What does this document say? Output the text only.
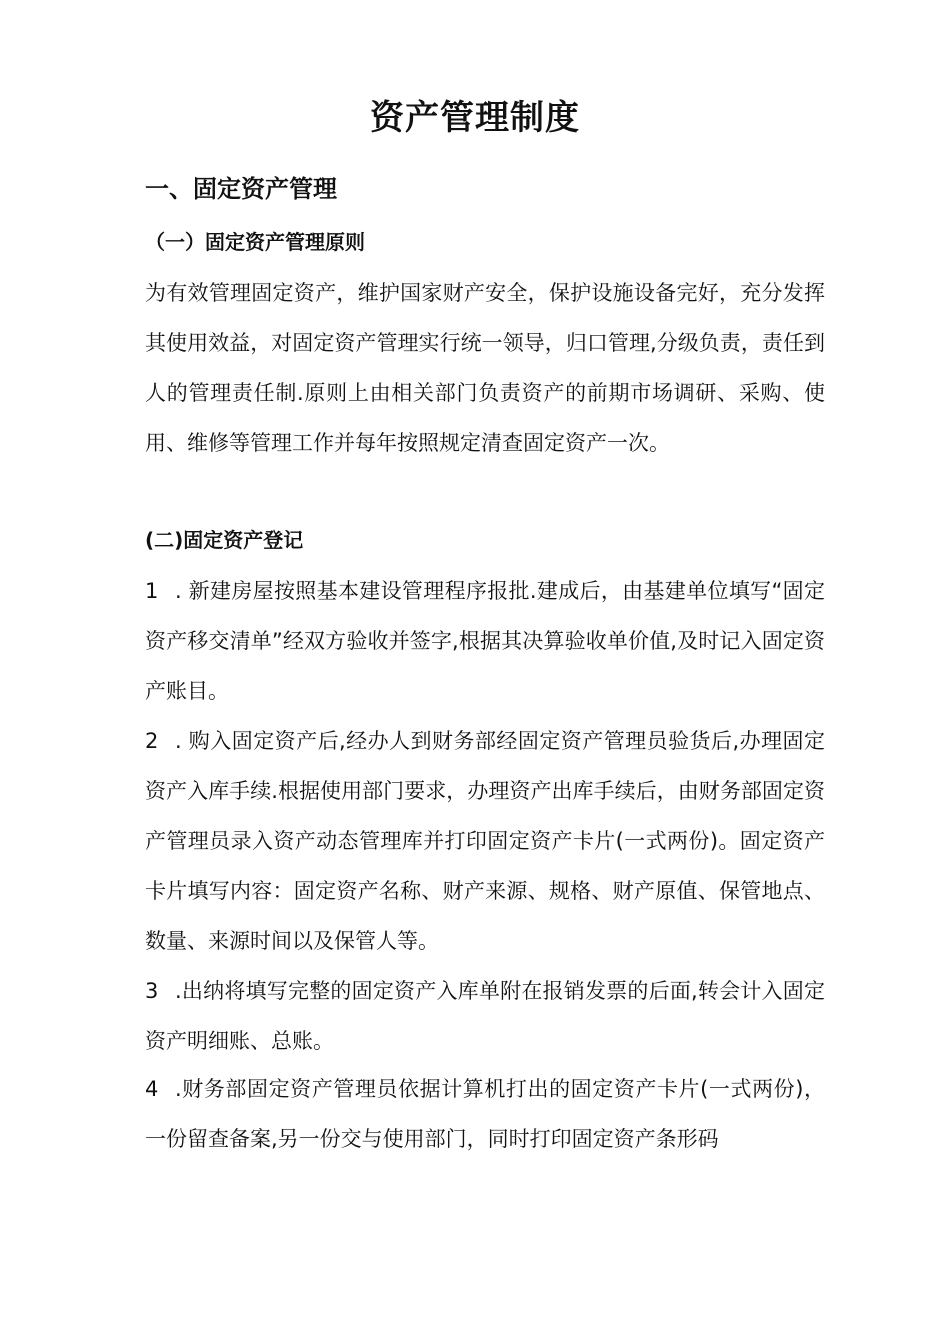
资产管理制度
一、固定资产管理
（一）固定资产管理原则
为有效管理固定资产，维护国家财产安全，保护设施设备完好，充分发挥其使用效益，对固定资产管理实行统一领导，归口管理,分级负责，责任到人的管理责任制.原则上由相关部门负责资产的前期市场调研、采购、使用、维修等管理工作并每年按照规定清查固定资产一次。
(二)固定资产登记
1 . 新建房屋按照基本建设管理程序报批.建成后，由基建单位填写“固定资产移交清单”经双方验收并签字,根据其决算验收单价值,及时记入固定资产账目。
2 . 购入固定资产后,经办人到财务部经固定资产管理员验货后,办理固定资产入库手续.根据使用部门要求，办理资产出库手续后，由财务部固定资产管理员录入资产动态管理库并打印固定资产卡片(一式两份)。固定资产卡片填写内容：固定资产名称、财产来源、规格、财产原值、保管地点、数量、来源时间以及保管人等。
3 .出纳将填写完整的固定资产入库单附在报销发票的后面,转会计入固定资产明细账、总账。
4 .财务部固定资产管理员依据计算机打出的固定资产卡片(一式两份)，一份留查备案,另一份交与使用部门，同时打印固定资产条形码
